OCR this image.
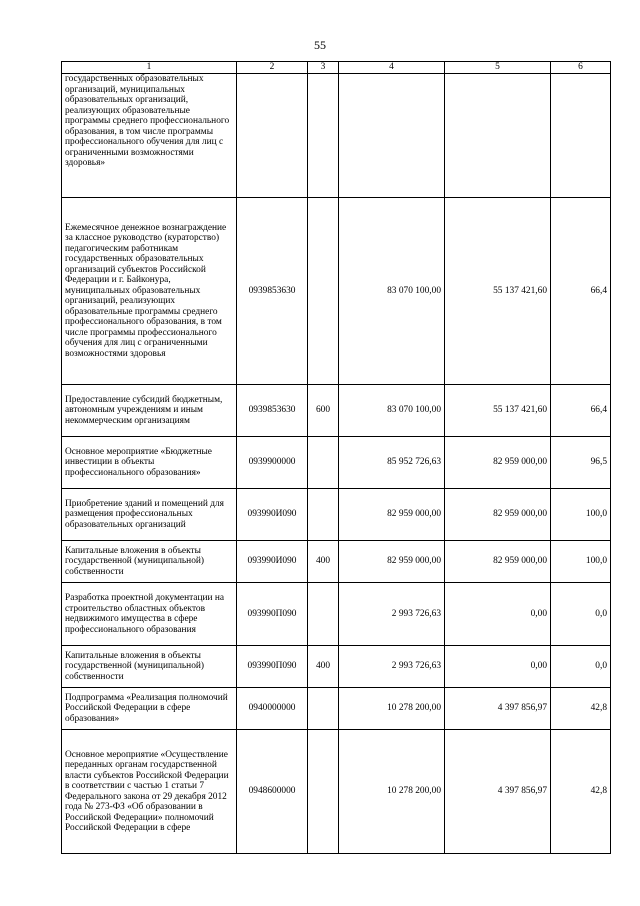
55
1	2	3	4	5	6
государственных образовательных организаций, муниципальных образовательных организаций, реализующих образовательные программы среднего профессионального образования, в том числе программы профессионального обучения для лиц с ограниченными возможностями здоровья»					
Ежемесячное денежное вознаграждение за классное руководство (кураторство) педагогическим работникам государственных образовательных организаций субъектов Российской Федерации и г. Байконура, муниципальных образовательных организаций, реализующих образовательные программы среднего профессионального образования, в том числе программы профессионального обучения для лиц с ограниченными возможностями здоровья	0939853630		83 070 100,00	55 137 421,60	66,4
Предоставление субсидий бюджетным, автономным учреждениям и иным некоммерческим организациям	0939853630	600	83 070 100,00	55 137 421,60	66,4
Основное мероприятие «Бюджетные инвестиции в объекты профессионального образования»	0939900000		85 952 726,63	82 959 000,00	96,5
Приобретение зданий и помещений для размещения профессиональных образовательных организаций	093990И090		82 959 000,00	82 959 000,00	100,0
Капитальные вложения в объекты государственной (муниципальной) собственности	093990И090	400	82 959 000,00	82 959 000,00	100,0
Разработка проектной документации на строительство областных объектов недвижимого имущества в сфере профессионального образования	093990П090		2 993 726,63	0,00	0,0
Капитальные вложения в объекты государственной (муниципальной) собственности	093990П090	400	2 993 726,63	0,00	0,0
Подпрограмма «Реализация полномочий Российской Федерации в сфере образования»	0940000000		10 278 200,00	4 397 856,97	42,8
Основное мероприятие «Осуществление переданных органам государственной власти субъектов Российской Федерации в соответствии с частью 1 статьи 7 Федерального закона от 29 декабря 2012 года № 273-ФЗ «Об образовании в Российской Федерации» полномочий Российской Федерации в сфере	0948600000		10 278 200,00	4 397 856,97	42,8
